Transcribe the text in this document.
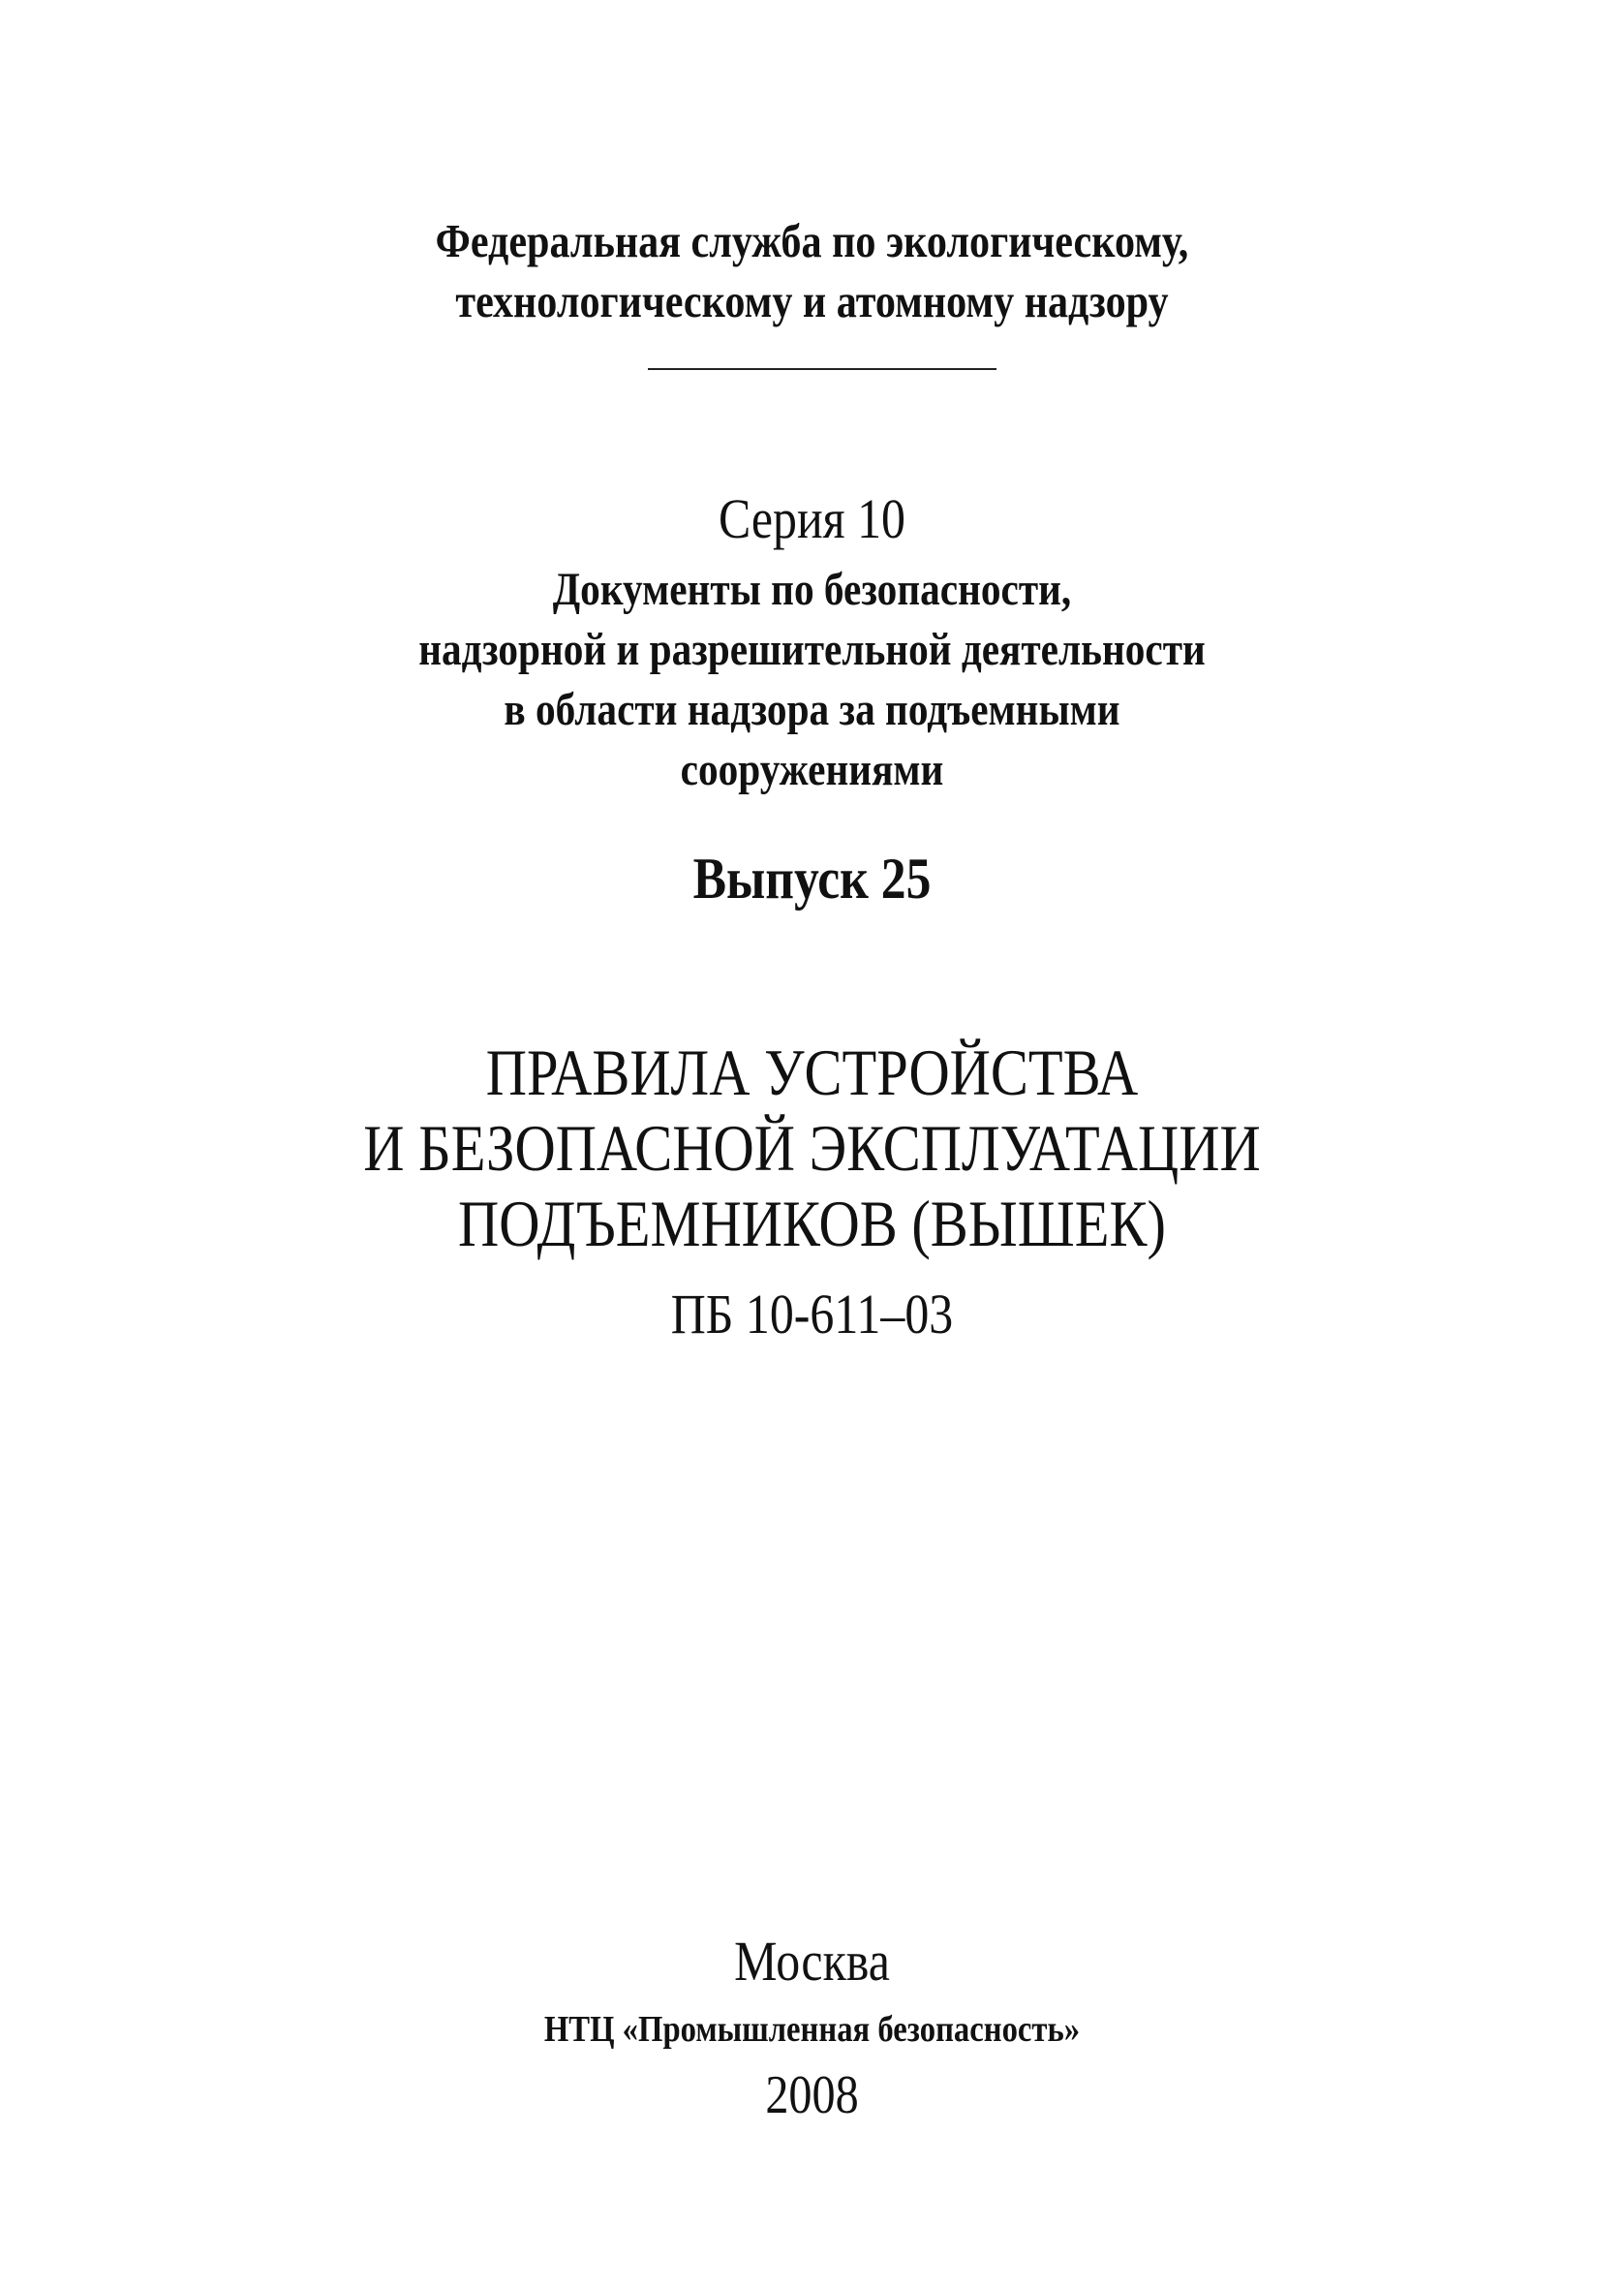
Федеральная служба по экологическому,
технологическому и атомному надзору
Серия 10
Документы по безопасности,
надзорной и разрешительной деятельности
в области надзора за подъемными
сооружениями
Выпуск 25
ПРАВИЛА УСТРОЙСТВА
И БЕЗОПАСНОЙ ЭКСПЛУАТАЦИИ
ПОДЪЕМНИКОВ (ВЫШЕК)
ПБ 10-611–03
Москва
НТЦ «Промышленная безопасность»
2008
